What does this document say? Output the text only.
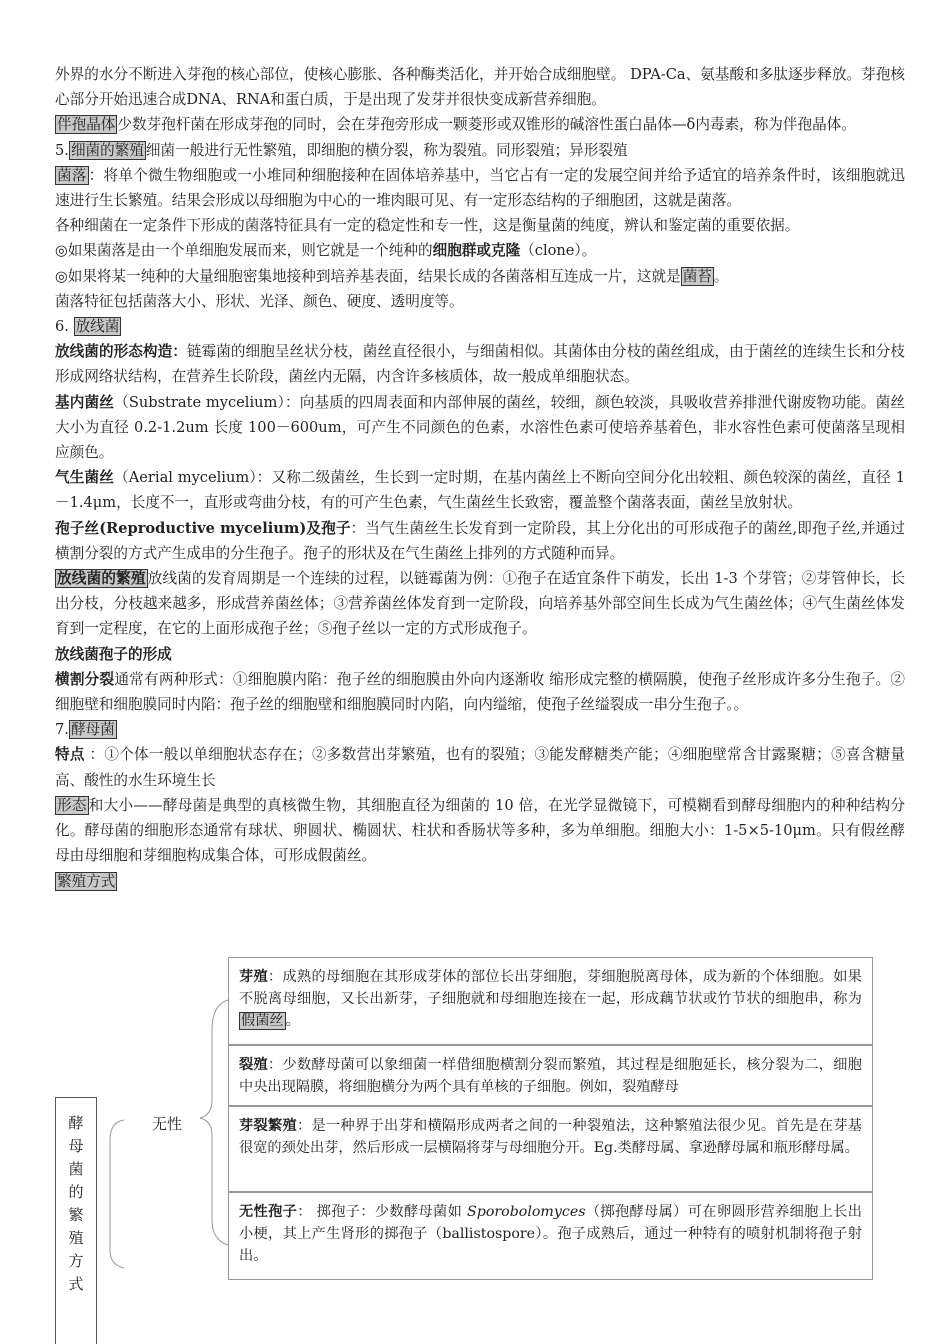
外界的水分不断进入芽孢的核心部位，使核心膨胀、各种酶类活化，并开始合成细胞壁。 DPA-Ca、氨基酸和多肽逐步释放。芽孢核心部分开始迅速合成DNA、RNA和蛋白质，于是出现了发芽并很快变成新营养细胞。

伴孢晶体 少数芽孢杆菌在形成芽孢的同时，会在芽孢旁形成一颗菱形或双锥形的碱溶性蛋白晶体—δ内毒素，称为伴孢晶体。

5. 细菌的繁殖 细菌一般进行无性繁殖，即细胞的横分裂，称为裂殖。同形裂殖；异形裂殖

菌落 ：将单个微生物细胞或一小堆同种细胞接种在固体培养基中，当它占有一定的发展空间并给予适宜的培养条件时，该细胞就迅速进行生长繁殖。结果会形成以母细胞为中心的一堆肉眼可见、有一定形态结构的子细胞团，这就是菌落。

各种细菌在一定条件下形成的菌落特征具有一定的稳定性和专一性，这是衡量菌的纯度，辨认和鉴定菌的重要依据。

◎如果菌落是由一个单细胞发展而来，则它就是一个纯种的细胞群或克隆（clone）。

◎如果将某一纯种的大量细胞密集地接种到培养基表面，结果长成的各菌落相互连成一片，这就是 菌苔 。

菌落特征包括菌落大小、形状、光泽、颜色、硬度、透明度等。

6. 放线菌

放线菌的形态构造：链霉菌的细胞呈丝状分枝，菌丝直径很小，与细菌相似。其菌体由分枝的菌丝组成，由于菌丝的连续生长和分枝形成网络状结构，在营养生长阶段，菌丝内无隔，内含许多核质体，故一般成单细胞状态。

基内菌丝（Substrate mycelium）：向基质的四周表面和内部伸展的菌丝，较细，颜色较淡，具吸收营养排泄代谢废物功能。菌丝大小为直径 0.2-1.2um 长度 100－600um，可产生不同颜色的色素，水溶性色素可使培养基着色，非水容性色素可使菌落呈现相应颜色。

气生菌丝（Aerial mycelium）：又称二级菌丝，生长到一定时期，在基内菌丝上不断向空间分化出较粗、颜色较深的菌丝，直径 1－1.4μm，长度不一，直形或弯曲分枝，有的可产生色素，气生菌丝生长致密，覆盖整个菌落表面，菌丝呈放射状。

孢子丝(Reproductive mycelium)及孢子：当气生菌丝生长发育到一定阶段，其上分化出的可形成孢子的菌丝,即孢子丝,并通过横割分裂的方式产生成串的分生孢子。孢子的形状及在气生菌丝上排列的方式随种而异。

放线菌的繁殖 放线菌的发育周期是一个连续的过程，以链霉菌为例：①孢子在适宜条件下萌发，长出 1-3 个芽管；②芽管伸长，长出分枝，分枝越来越多，形成营养菌丝体；③营养菌丝体发育到一定阶段，向培养基外部空间生长成为气生菌丝体；④气生菌丝体发育到一定程度，在它的上面形成孢子丝；⑤孢子丝以一定的方式形成孢子。

放线菌孢子的形成

横割分裂通常有两种形式：①细胞膜内陷：孢子丝的细胞膜由外向内逐渐收 缩形成完整的横隔膜，使孢子丝形成许多分生孢子。②细胞壁和细胞膜同时内陷：孢子丝的细胞壁和细胞膜同时内陷，向内缢缩，使孢子丝缢裂成一串分生孢子。。

7. 酵母菌

特点 ：①个体一般以单细胞状态存在；②多数营出芽繁殖，也有的裂殖；③能发酵糖类产能；④细胞壁常含甘露聚糖；⑤喜含糖量高、酸性的水生环境生长

形态 和大小——酵母菌是典型的真核微生物，其细胞直径为细菌的 10 倍，在光学显微镜下，可模糊看到酵母细胞内的种种结构分化。酵母菌的细胞形态通常有球状、卵圆状、椭圆状、柱状和香肠状等多种，多为单细胞。细胞大小：1-5×5-10μm。只有假丝酵母由母细胞和芽细胞构成集合体，可形成假菌丝。

繁殖方式

酵
母
菌
的
繁
殖
方
式
无性
芽殖：成熟的母细胞在其形成芽体的部位长出芽细胞，芽细胞脱离母体，成为新的个体细胞。如果不脱离母细胞，又长出新芽，子细胞就和母细胞连接在一起，形成藕节状或竹节状的细胞串，称为假菌丝 。
裂殖：少数酵母菌可以象细菌一样借细胞横割分裂而繁殖，其过程是细胞延长，核分裂为二，细胞中央出现隔膜，将细胞横分为两个具有单核的子细胞。例如，裂殖酵母
芽裂繁殖：是一种界于出芽和横隔形成两者之间的一种裂殖法，这种繁殖法很少见。首先是在芽基很宽的颈处出芽，然后形成一层横隔将芽与母细胞分开。Eg.类酵母属、拿逊酵母属和瓶形酵母属。
无性孢子： 掷孢子：少数酵母菌如 Sporobolomyces（掷孢酵母属）可在卵圆形营养细胞上长出小梗，其上产生肾形的掷孢子（ballistospore）。孢子成熟后，通过一种特有的喷射机制将孢子射出。
